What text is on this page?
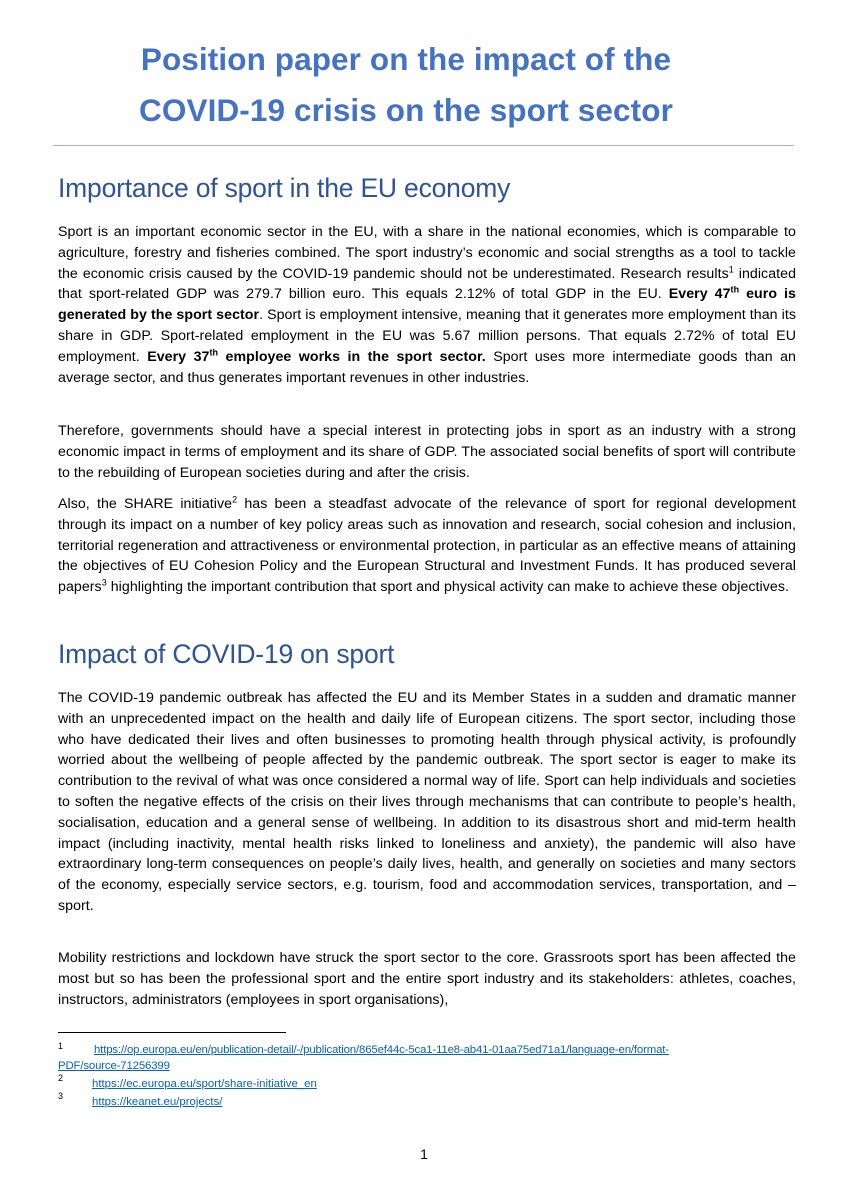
Position paper on the impact of the
COVID-19 crisis on the sport sector
Importance of sport in the EU economy

Sport is an important economic sector in the EU, with a share in the national economies, which is comparable to agriculture, forestry and fisheries combined. The sport industry’s economic and social strengths as a tool to tackle the economic crisis caused by the COVID-19 pandemic should not be underestimated. Research results$^1$ indicated that sport-related GDP was 279.7 billion euro. This equals 2.12% of total GDP in the EU. Every 47th euro is generated by the sport sector. Sport is employment intensive, meaning that it generates more employment than its share in GDP. Sport-related employment in the EU was 5.67 million persons. That equals 2.72% of total EU employment. Every 37th employee works in the sport sector. Sport uses more intermediate goods than an average sector, and thus generates important revenues in other industries.

Therefore, governments should have a special interest in protecting jobs in sport as an industry with a strong economic impact in terms of employment and its share of GDP. The associated social benefits of sport will contribute to the rebuilding of European societies during and after the crisis.

Also, the SHARE initiative$^2$ has been a steadfast advocate of the relevance of sport for regional development through its impact on a number of key policy areas such as innovation and research, social cohesion and inclusion, territorial regeneration and attractiveness or environmental protection, in particular as an effective means of attaining the objectives of EU Cohesion Policy and the European Structural and Investment Funds. It has produced several papers$^3$ highlighting the important contribution that sport and physical activity can make to achieve these objectives.

Impact of COVID-19 on sport

The COVID-19 pandemic outbreak has affected the EU and its Member States in a sudden and dramatic manner with an unprecedented impact on the health and daily life of European citizens. The sport sector, including those who have dedicated their lives and often businesses to promoting health through physical activity, is profoundly worried about the wellbeing of people affected by the pandemic outbreak. The sport sector is eager to make its contribution to the revival of what was once considered a normal way of life. Sport can help individuals and societies to soften the negative effects of the crisis on their lives through mechanisms that can contribute to people’s health, socialisation, education and a general sense of wellbeing. In addition to its disastrous short and mid-term health impact (including inactivity, mental health risks linked to loneliness and anxiety), the pandemic will also have extraordinary long-term consequences on people’s daily lives, health, and generally on societies and many sectors of the economy, especially service sectors, e.g. tourism, food and accommodation services, transportation, and – sport.

Mobility restrictions and lockdown have struck the sport sector to the core. Grassroots sport has been affected the most but so has been the professional sport and the entire sport industry and its stakeholders: athletes, coaches, instructors, administrators (employees in sport organisations),

1	https://op.europa.eu/en/publication-detail/-/publication/865ef44c-5ca1-11e8-ab41-01aa75ed71a1/language-en/format-
PDF/source-71256399
2	https://ec.europa.eu/sport/share-initiative_en
3	https://keanet.eu/projects/
1
